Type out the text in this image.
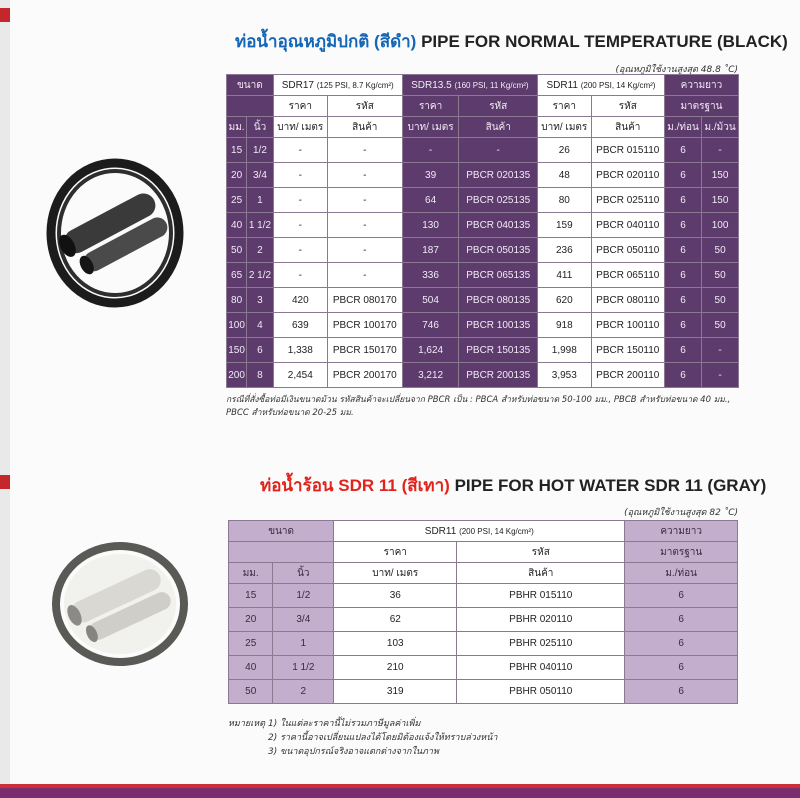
ท่อน้ำอุณหภูมิปกติ (สีดำ) PIPE FOR NORMAL TEMPERATURE (BLACK)
(อุณหภูมิใช้งานสูงสุด 48.8 ˚C)
ขนาด		SDR17 (125 PSI, 8.7 Kg/cm²)		SDR13.5 (160 PSI, 11 Kg/cm²)		SDR11 (200 PSI, 14 Kg/cm²)		ความยาว	
		ราคา	รหัส	ราคา	รหัส	ราคา	รหัส	มาตรฐาน	
มม.	นิ้ว	บาท/ เมตร	สินค้า	บาท/ เมตร	สินค้า	บาท/ เมตร	สินค้า	ม./ท่อน	ม./ม้วน
15	1/2	-	-	-	-	26	PBCR 015110	6	-
20	3/4	-	-	39	PBCR 020135	48	PBCR 020110	6	150
25	1	-	-	64	PBCR 025135	80	PBCR 025110	6	150
40	1 1/2	-	-	130	PBCR 040135	159	PBCR 040110	6	100
50	2	-	-	187	PBCR 050135	236	PBCR 050110	6	50
65	2 1/2	-	-	336	PBCR 065135	411	PBCR 065110	6	50
80	3	420	PBCR 080170	504	PBCR 080135	620	PBCR 080110	6	50
100	4	639	PBCR 100170	746	PBCR 100135	918	PBCR 100110	6	50
150	6	1,338	PBCR 150170	1,624	PBCR 150135	1,998	PBCR 150110	6	-
200	8	2,454	PBCR 200170	3,212	PBCR 200135	3,953	PBCR 200110	6	-
กรณีที่สั่งซื้อท่อมีเงินขนาดม้วน รหัสสินค้าจะเปลี่ยนจาก PBCR เป็น : PBCA สำหรับท่อขนาด 50-100 มม., PBCB สำหรับท่อขนาด 40 มม.,
PBCC สำหรับท่อขนาด 20-25 มม.
ท่อน้ำร้อน SDR 11 (สีเทา) PIPE FOR HOT WATER SDR 11 (GRAY)
(อุณหภูมิใช้งานสูงสุด 82 ˚C)
ขนาด		SDR11 (200 PSI, 14 Kg/cm²)		ความยาว
		ราคา	รหัส	มาตรฐาน
มม.	นิ้ว	บาท/ เมตร	สินค้า	ม./ท่อน
15	1/2	36	PBHR 015110	6
20	3/4	62	PBHR 020110	6
25	1	103	PBHR 025110	6
40	1 1/2	210	PBHR 040110	6
50	2	319	PBHR 050110	6
หมายเหตุ 1) ในแต่ละราคานี้ไม่รวมภาษีมูลค่าเพิ่ม
2) ราคานี้อาจเปลี่ยนแปลงได้โดยมิต้องแจ้งให้ทราบล่วงหน้า
3) ขนาดอุปกรณ์จริงอาจแตกต่างจากในภาพ
